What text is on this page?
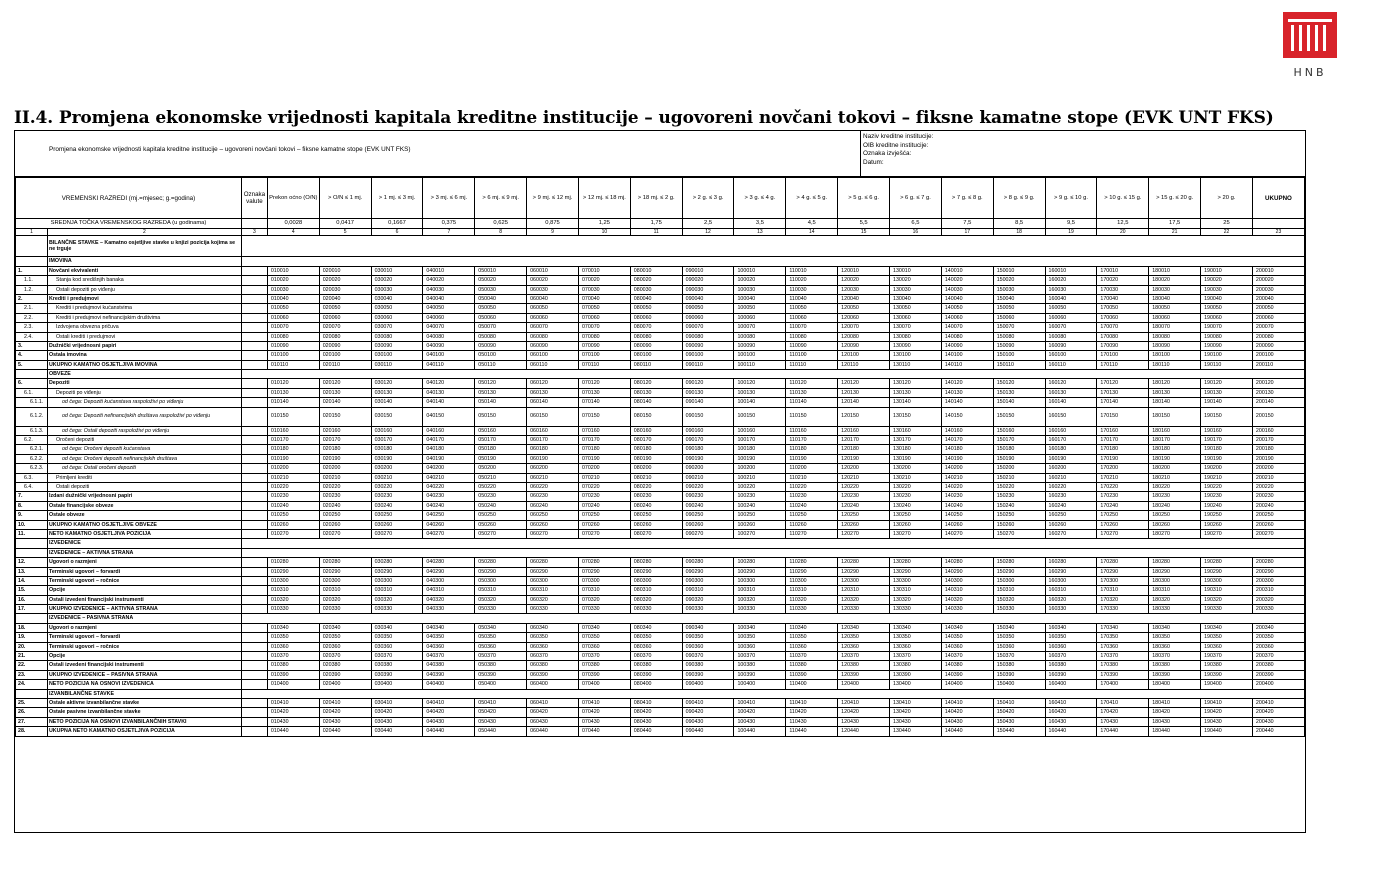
HNB
II.4. Promjena ekonomske vrijednosti kapitala kreditne institucije – ugovoreni novčani tokovi – fiksne kamatne stope (EVK UNT FKS)
Promjena ekonomske vrijednosti kapitala kreditne institucije – ugovoreni novčani tokovi – fiksne kamatne stope (EVK UNT FKS)
Naziv kreditne institucije:
OIB kreditne institucije:
Oznaka izvješća:
Datum:
VREMENSKI RAZREDI (mj.=mjesec; g.=godina)		Oznaka valute	Prekon oćno (O/N)	> O/N ≤ 1 mj.	> 1 mj. ≤ 3 mj.	> 3 mj. ≤ 6 mj.	> 6 mj. ≤ 9 mj.	> 9 mj. ≤ 12 mj.	> 12 mj. ≤ 18 mj.	> 18 mj. ≤ 2 g.	> 2 g. ≤ 3 g.	> 3 g. ≤ 4 g.	> 4 g. ≤ 5 g.	> 5 g. ≤ 6 g.	> 6 g. ≤ 7 g.	> 7 g. ≤ 8 g.	> 8 g. ≤ 9 g.	> 9 g. ≤ 10 g.	> 10 g. ≤ 15 g.	> 15 g. ≤ 20 g.	> 20 g.	UKUPNO
SREDNJA TOČKA VREMENSKOG RAZREDA (u godinama)			0,0028	0,0417	0,1667	0,375	0,625	0,875	1,25	1,75	2,5	3,5	4,5	5,5	6,5	7,5	8,5	9,5	12,5	17,5	25	
1	2	3	4	5	6	7	8	9	10	11	12	13	14	15	16	17	18	19	20	21	22	23
	BILANČNE STAVKE – Kamatno osjetljive stavke u knjizi pozicija kojima se ne trguje																					
	IMOVINA																					
1.	Novčani ekvivalenti		010010	020010	030010	040010	050010	060010	070010	080010	090010	100010	110010	120010	130010	140010	150010	160010	170010	180010	190010	200010
1.1.	Stanja kod središnjih banaka		010020	020020	030020	040020	050020	060020	070020	080020	090020	100020	110020	120020	130020	140020	150020	160020	170020	180020	190020	200020
1.2.	Ostali depoziti po viđenju		010030	020030	030030	040030	050030	060030	070030	080030	090030	100030	110030	120030	130030	140030	150030	160030	170030	180030	190030	200030
2.	Krediti i predujmovi		010040	020040	030040	040040	050040	060040	070040	080040	090040	100040	110040	120040	130040	140040	150040	160040	170040	180040	190040	200040
2.1.	Krediti i predujmovi kućanstvima		010050	020050	030050	040050	050050	060050	070050	080050	090050	100050	110050	120050	130050	140050	150050	160050	170050	180050	190050	200050
2.2.	Krediti i predujmovi nefinancijskim društvima		010060	020060	030060	040060	050060	060060	070060	080060	090060	100060	110060	120060	130060	140060	150060	160060	170060	180060	190060	200060
2.3.	Izdvojena obvezna pričuva		010070	020070	030070	040070	050070	060070	070070	080070	090070	100070	110070	120070	130070	140070	150070	160070	170070	180070	190070	200070
2.4.	Ostali krediti i predujmovi		010080	020080	030080	040080	050080	060080	070080	080080	090080	100080	110080	120080	130080	140080	150080	160080	170080	180080	190080	200080
3.	Dužnički vrijednosni papiri		010090	020090	030090	040090	050090	060090	070090	080090	090090	100090	110090	120090	130090	140090	150090	160090	170090	180090	190090	200090
4.	Ostala imovina		010100	020100	030100	040100	050100	060100	070100	080100	090100	100100	110100	120100	130100	140100	150100	160100	170100	180100	190100	200100
5.	UKUPNO KAMATNO OSJETLJIVA IMOVINA		010110	020110	030110	040110	050110	060110	070110	080110	090110	100110	110110	120110	130110	140110	150110	160110	170110	180110	190110	200110
	OBVEZE																					
6.	Depoziti		010120	020120	030120	040120	050120	060120	070120	080120	090120	100120	110120	120120	130120	140120	150120	160120	170120	180120	190120	200120
6.1.	Depoziti po viđenju		010130	020130	030130	040130	050130	060130	070130	080130	090130	100130	110130	120130	130130	140130	150130	160130	170130	180130	190130	200130
6.1.1.	od čega: Depoziti kućanstava raspoloživi po viđenju		010140	020140	030140	040140	050140	060140	070140	080140	090140	100140	110140	120140	130140	140140	150140	160140	170140	180140	190140	200140
6.1.2.	od čega: Depoziti nefinancijskih društava raspoloživi po viđenju		010150	020150	030150	040150	050150	060150	070150	080150	090150	100150	110150	120150	130150	140150	150150	160150	170150	180150	190150	200150
6.1.3.	od čega: Ostali depoziti raspoloživi po viđenju		010160	020160	030160	040160	050160	060160	070160	080160	090160	100160	110160	120160	130160	140160	150160	160160	170160	180160	190160	200160
6.2.	Oročeni depoziti		010170	020170	030170	040170	050170	060170	070170	080170	090170	100170	110170	120170	130170	140170	150170	160170	170170	180170	190170	200170
6.2.1.	od čega: Oročeni depoziti kućanstava		010180	020180	030180	040180	050180	060180	070180	080180	090180	100180	110180	120180	130180	140180	150180	160180	170180	180180	190180	200180
6.2.2.	od čega: Oročeni depoziti nefinancijskih društava		010190	020190	030190	040190	050190	060190	070190	080190	090190	100190	110190	120190	130190	140190	150190	160190	170190	180190	190190	200190
6.2.3.	od čega: Ostali oročeni depoziti		010200	020200	030200	040200	050200	060200	070200	080200	090200	100200	110200	120200	130200	140200	150200	160200	170200	180200	190200	200200
6.3.	Primljeni krediti		010210	020210	030210	040210	050210	060210	070210	080210	090210	100210	110210	120210	130210	140210	150210	160210	170210	180210	190210	200210
6.4.	Ostali depoziti		010220	020220	030220	040220	050220	060220	070220	080220	090220	100220	110220	120220	130220	140220	150220	160220	170220	180220	190220	200220
7.	Izdani dužnički vrijednosni papiri		010230	020230	030230	040230	050230	060230	070230	080230	090230	100230	110230	120230	130230	140230	150230	160230	170230	180230	190230	200230
8.	Ostale financijske obveze		010240	020240	030240	040240	050240	060240	070240	080240	090240	100240	110240	120240	130240	140240	150240	160240	170240	180240	190240	200240
9.	Ostale obveze		010250	020250	030250	040250	050250	060250	070250	080250	090250	100250	110250	120250	130250	140250	150250	160250	170250	180250	190250	200250
10.	UKUPNO KAMATNO OSJETLJIVE OBVEZE		010260	020260	030260	040260	050260	060260	070260	080260	090260	100260	110260	120260	130260	140260	150260	160260	170260	180260	190260	200260
11.	NETO KAMATNO OSJETLJIVA POZICIJA		010270	020270	030270	040270	050270	060270	070270	080270	090270	100270	110270	120270	130270	140270	150270	160270	170270	180270	190270	200270
	IZVEDENICE																					
	IZVEDENICE – AKTIVNA STRANA																					
12.	Ugovori o razmjeni		010280	020280	030280	040280	050280	060280	070280	080280	090280	100280	110280	120280	130280	140280	150280	160280	170280	180280	190280	200280
13.	Terminski ugovori – forvardi		010290	020290	030290	040290	050290	060290	070290	080290	090290	100290	110290	120290	130290	140290	150290	160290	170290	180290	190290	200290
14.	Terminski ugovori – ročnice		010300	020300	030300	040300	050300	060300	070300	080300	090300	100300	110300	120300	130300	140300	150300	160300	170300	180300	190300	200300
15.	Opcije		010310	020310	030310	040310	050310	060310	070310	080310	090310	100310	110310	120310	130310	140310	150310	160310	170310	180310	190310	200310
16.	Ostali izvedeni financijski instrumenti		010320	020320	030320	040320	050320	060320	070320	080320	090320	100320	110320	120320	130320	140320	150320	160320	170320	180320	190320	200320
17.	UKUPNO IZVEDENICE – AKTIVNA STRANA		010330	020330	030330	040330	050330	060330	070330	080330	090330	100330	110330	120330	130330	140330	150330	160330	170330	180330	190330	200330
	IZVEDENICE – PASIVNA STRANA																					
18.	Ugovori o razmjeni		010340	020340	030340	040340	050340	060340	070340	080340	090340	100340	110340	120340	130340	140340	150340	160340	170340	180340	190340	200340
19.	Terminski ugovori – forvardi		010350	020350	030350	040350	050350	060350	070350	080350	090350	100350	110350	120350	130350	140350	150350	160350	170350	180350	190350	200350
20.	Terminski ugovori – ročnice		010360	020360	030360	040360	050360	060360	070360	080360	090360	100360	110360	120360	130360	140360	150360	160360	170360	180360	190360	200360
21.	Opcije		010370	020370	030370	040370	050370	060370	070370	080370	090370	100370	110370	120370	130370	140370	150370	160370	170370	180370	190370	200370
22.	Ostali izvedeni financijski instrumenti		010380	020380	030380	040380	050380	060380	070380	080380	090380	100380	110380	120380	130380	140380	150380	160380	170380	180380	190380	200380
23.	UKUPNO IZVEDENICE – PASIVNA STRANA		010390	020390	030390	040390	050390	060390	070390	080390	090390	100390	110390	120390	130390	140390	150390	160390	170390	180390	190390	200390
24.	NETO POZICIJA NA OSNOVI IZVEDENICA		010400	020400	030400	040400	050400	060400	070400	080400	090400	100400	110400	120400	130400	140400	150400	160400	170400	180400	190400	200400
	IZVANBILANČNE STAVKE																					
25.	Ostale aktivne izvanbilančne stavke		010410	020410	030410	040410	050410	060410	070410	080410	090410	100410	110410	120410	130410	140410	150410	160410	170410	180410	190410	200410
26.	Ostale pasivne izvanbilančne stavke		010420	020420	030420	040420	050420	060420	070420	080420	090420	100420	110420	120420	130420	140420	150420	160420	170420	180420	190420	200420
27.	NETO POZICIJA NA OSNOVI IZVANBILANČNIH STAVKI		010430	020430	030430	040430	050430	060430	070430	080430	090430	100430	110430	120430	130430	140430	150430	160430	170430	180430	190430	200430
28.	UKUPNA NETO KAMATNO OSJETLJIVA POZICIJA		010440	020440	030440	040440	050440	060440	070440	080440	090440	100440	110440	120440	130440	140440	150440	160440	170440	180440	190440	200440
